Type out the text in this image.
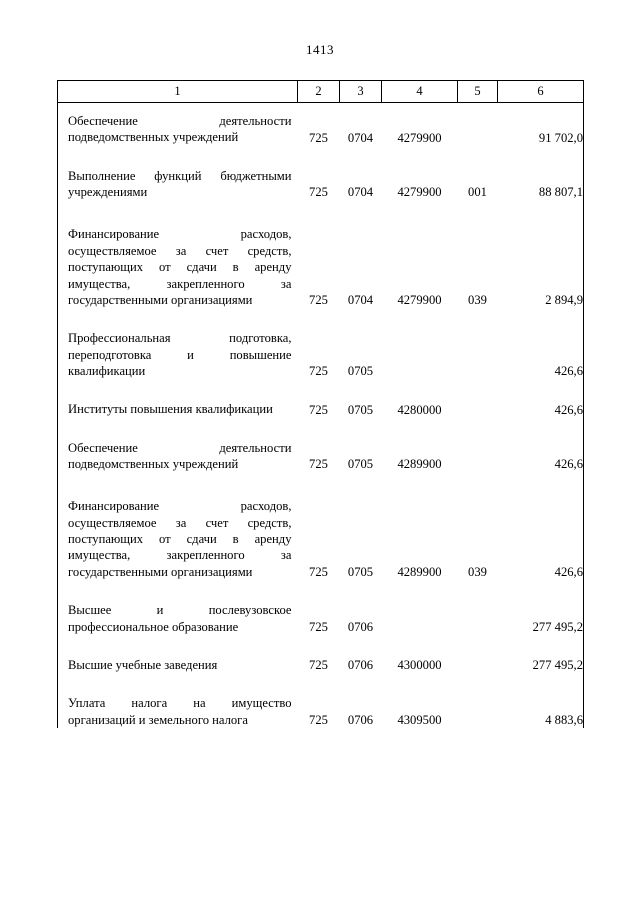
1413
1	2	3	4	5	6

Обеспечение деятельности подведомственных учреждений	725	0704	4279900		91 702,0

Выполнение функций бюджетными учреждениями	725	0704	4279900	001	88 807,1

Финансирование расходов, осуществляемое за счет средств, поступающих от сдачи в аренду имущества, закрепленного за государственными организациями	725	0704	4279900	039	2 894,9

Профессиональная подготовка, переподготовка и повышение квалификации	725	0705			426,6

Институты повышения квалификации	725	0705	4280000		426,6

Обеспечение деятельности подведомственных учреждений	725	0705	4289900		426,6

Финансирование расходов, осуществляемое за счет средств, поступающих от сдачи в аренду имущества, закрепленного за государственными организациями	725	0705	4289900	039	426,6

Высшее и послевузовское профессиональное образование	725	0706			277 495,2

Высшие учебные заведения	725	0706	4300000		277 495,2

Уплата налога на имущество организаций и земельного налога	725	0706	4309500		4 883,6
